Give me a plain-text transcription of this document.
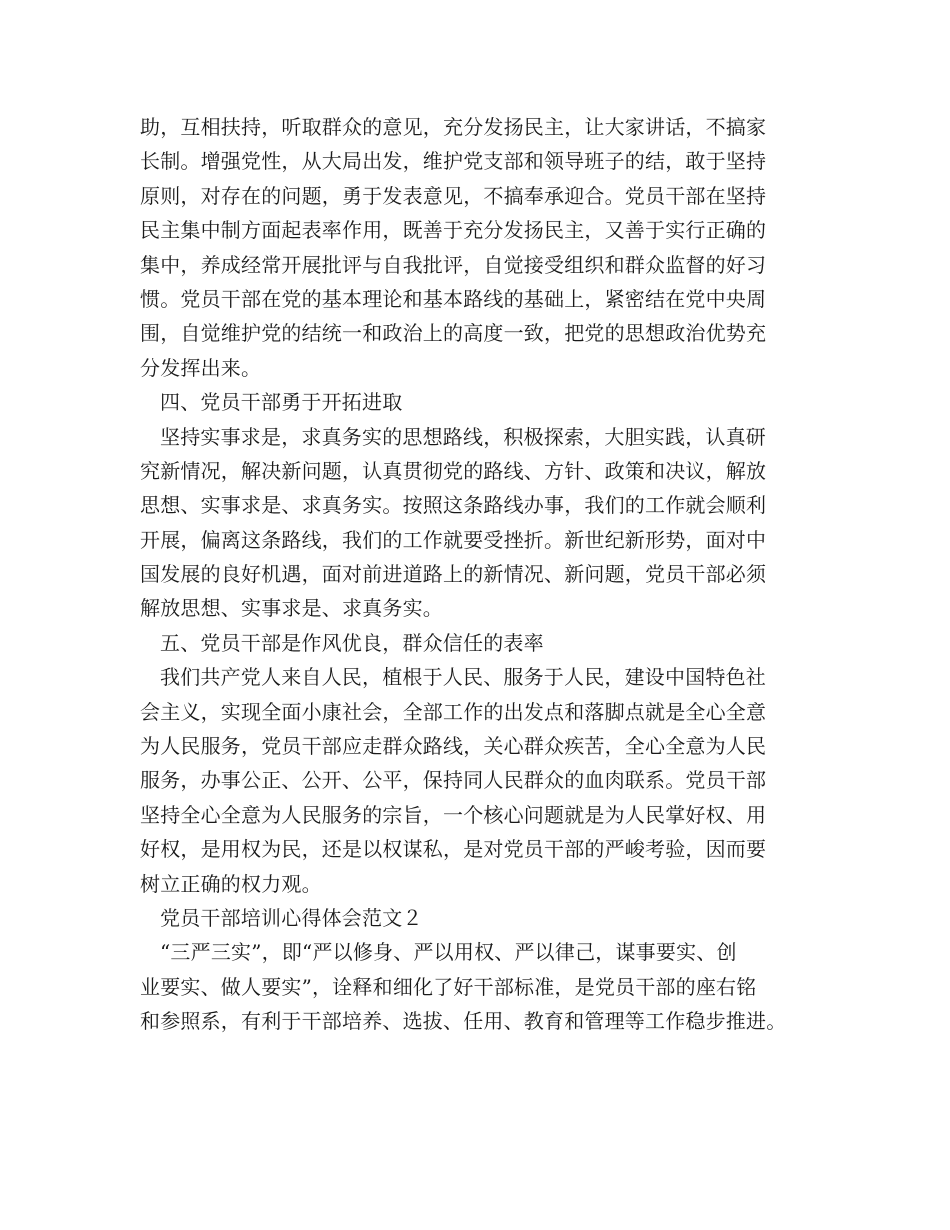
助，互相扶持，听取群众的意见，充分发扬民主，让大家讲话，不搞家
长制。增强党性，从大局出发，维护党支部和领导班子的结，敢于坚持
原则，对存在的问题，勇于发表意见，不搞奉承迎合。党员干部在坚持
民主集中制方面起表率作用，既善于充分发扬民主，又善于实行正确的
集中，养成经常开展批评与自我批评，自觉接受组织和群众监督的好习
惯。党员干部在党的基本理论和基本路线的基础上，紧密结在党中央周
围，自觉维护党的结统一和政治上的高度一致，把党的思想政治优势充
分发挥出来。
四、党员干部勇于开拓进取
坚持实事求是，求真务实的思想路线，积极探索，大胆实践，认真研
究新情况，解决新问题，认真贯彻党的路线、方针、政策和决议，解放
思想、实事求是、求真务实。按照这条路线办事，我们的工作就会顺利
开展，偏离这条路线，我们的工作就要受挫折。新世纪新形势，面对中
国发展的良好机遇，面对前进道路上的新情况、新问题，党员干部必须
解放思想、实事求是、求真务实。
五、党员干部是作风优良，群众信任的表率
我们共产党人来自人民，植根于人民、服务于人民，建设中国特色社
会主义，实现全面小康社会，全部工作的出发点和落脚点就是全心全意
为人民服务，党员干部应走群众路线，关心群众疾苦，全心全意为人民
服务，办事公正、公开、公平，保持同人民群众的血肉联系。党员干部
坚持全心全意为人民服务的宗旨，一个核心问题就是为人民掌好权、用
好权，是用权为民，还是以权谋私，是对党员干部的严峻考验，因而要
树立正确的权力观。
党员干部培训心得体会范文２
“三严三实”，即“严以修身、严以用权、严以律己，谋事要实、创
业要实、做人要实”，诠释和细化了好干部标准，是党员干部的座右铭
和参照系，有利于干部培养、选拔、任用、教育和管理等工作稳步推进。
